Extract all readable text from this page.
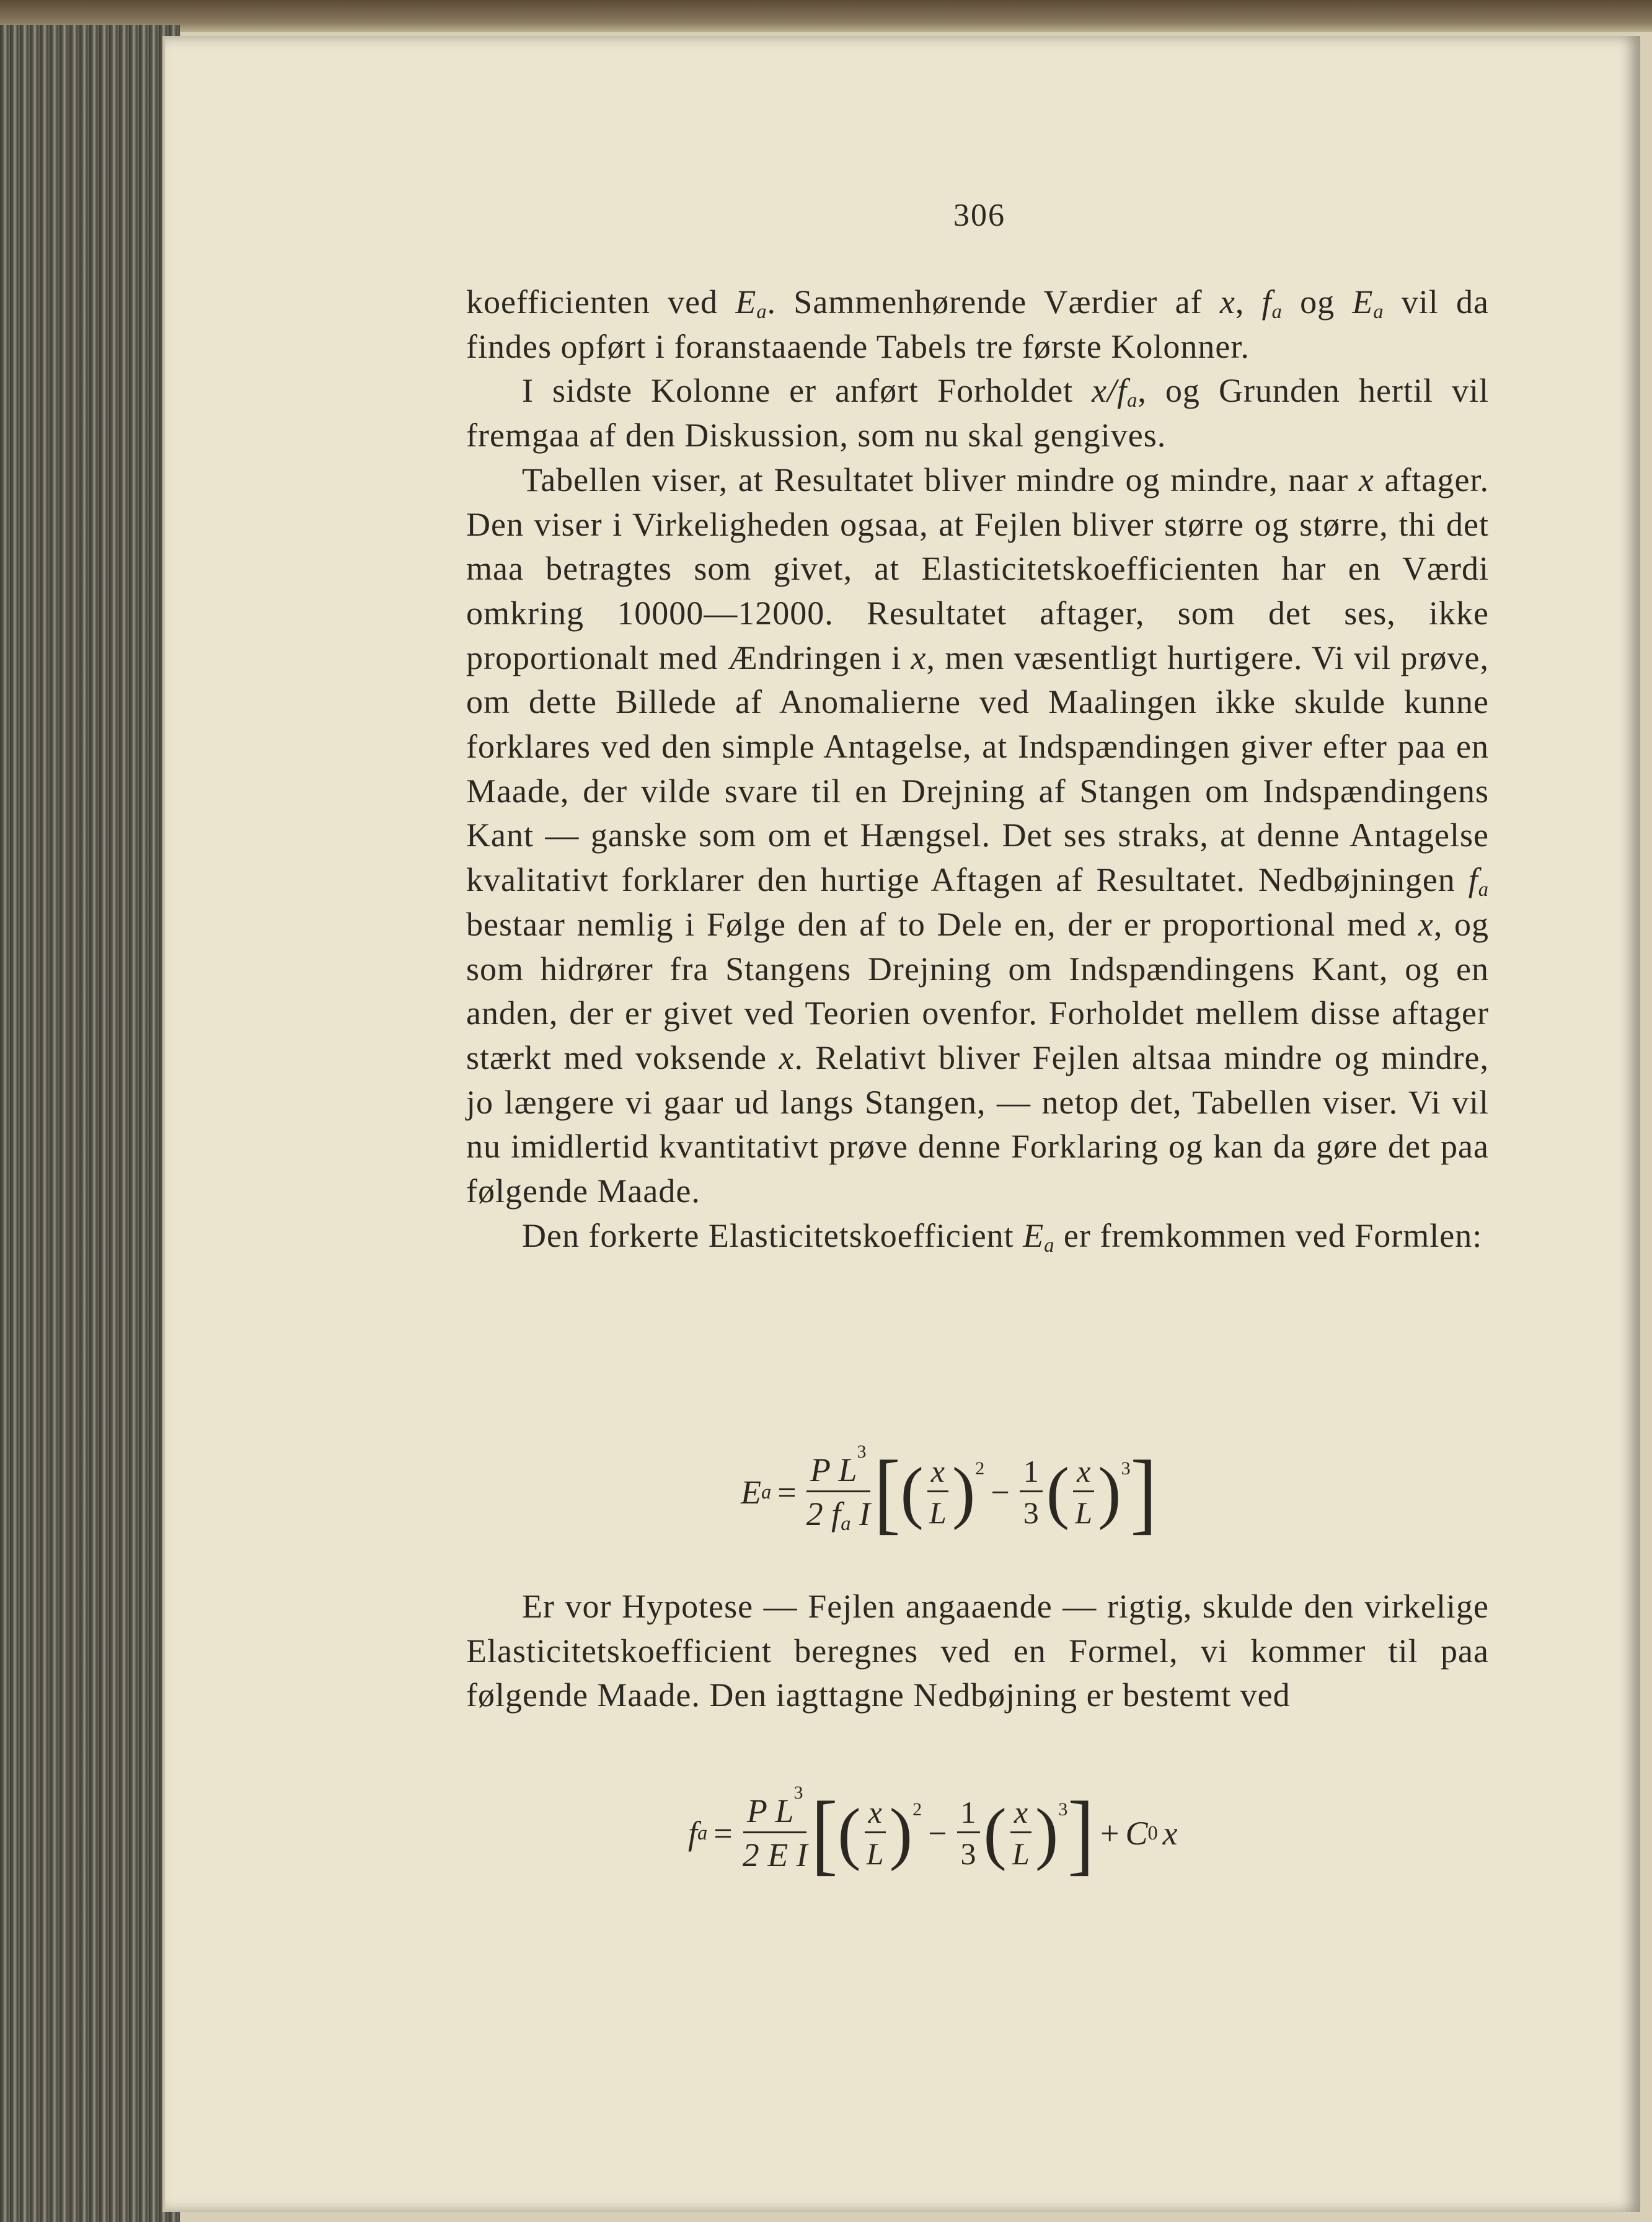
306

koefficienten ved $E_a$. Sammenhørende Værdier af x, $f_a$ og $E_a$ vil da findes opført i foranstaaende Tabels tre første Kolonner.

I sidste Kolonne er anført Forholdet $x/f_a$, og Grunden hertil vil fremgaa af den Diskussion, som nu skal gengives.

Tabellen viser, at Resultatet bliver mindre og mindre, naar x aftager. Den viser i Virkeligheden ogsaa, at Fejlen bliver større og større, thi det maa betragtes som givet, at Elasticitetskoefficienten har en Værdi omkring 10000—12000. Resultatet aftager, som det ses, ikke proportionalt med Ændringen i x, men væsentligt hurtigere. Vi vil prøve, om dette Billede af Anomalierne ved Maalingen ikke skulde kunne forklares ved den simple Antagelse, at Indspændingen giver efter paa en Maade, der vilde svare til en Drejning af Stangen om Indspændingens Kant — ganske som om et Hængsel. Det ses straks, at denne Antagelse kvalitativt forklarer den hurtige Aftagen af Resultatet. Nedbøjningen $f_a$ bestaar nemlig i Følge den af to Dele en, der er proportional med x, og som hidrører fra Stangens Drejning om Indspændingens Kant, og en anden, der er givet ved Teorien ovenfor. Forholdet mellem disse aftager stærkt med voksende x. Relativt bliver Fejlen altsaa mindre og mindre, jo længere vi gaar ud langs Stangen, — netop det, Tabellen viser. Vi vil nu imidlertid kvantitativt prøve denne Forklaring og kan da gøre det paa følgende Maade.

Den forkerte Elasticitetskoefficient $E_a$ er fremkommen ved Formlen:

E $a = \frac{P L^3}{2 f_a I}$ [ ( $\frac{x}{L}$ ) 2
− $\frac{1}{3}$ ( $\frac{x}{L}$ ) 3 ]

Er vor Hypotese — Fejlen angaaende — rigtig, skulde den virkelige Elasticitetskoefficient beregnes ved en Formel, vi kommer til paa følgende Maade. Den iagttagne Nedbøjning er bestemt ved

f $a = \frac{P L^3}{\text{2 E I}}$ [ ( $\frac{x}{L}$ ) 2
− $\frac{1}{3}$ ( $\frac{x}{L}$ ) 3 ] + C 0 x
